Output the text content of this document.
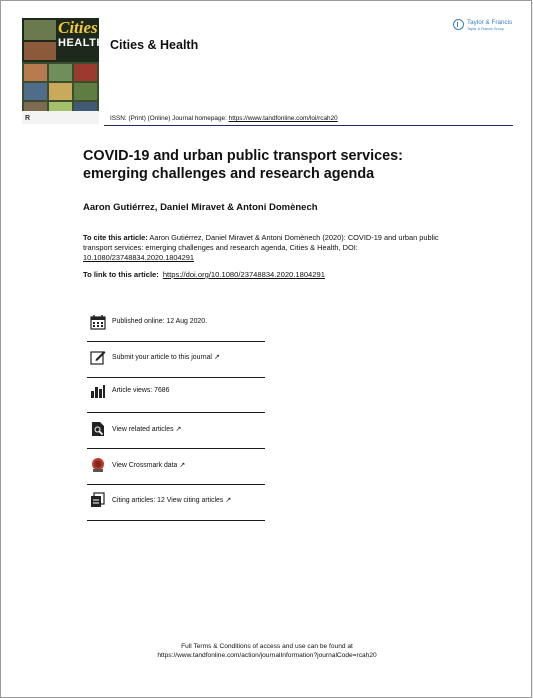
Cities
HEALTH
R
Cities & Health
ISSN: (Print) (Online) Journal homepage: https://www.tandfonline.com/loi/rcah20
Taylor & Francis
Taylor & Francis Group
COVID-19 and urban public transport services: emerging challenges and research agenda
Aaron Gutiérrez, Daniel Miravet & Antoni Domènech
To cite this article: Aaron Gutiérrez, Daniel Miravet & Antoni Domènech (2020): COVID-19 and urban public transport services: emerging challenges and research agenda, Cities & Health, DOI: 10.1080/23748834.2020.1804291
To link to this article: https://doi.org/10.1080/23748834.2020.1804291
Published online: 12 Aug 2020.
Submit your article to this journal ↗
Article views: 7686
View related articles ↗
View Crossmark data ↗
Citing articles: 12 View citing articles ↗
Full Terms & Conditions of access and use can be found at
https://www.tandfonline.com/action/journalInformation?journalCode=rcah20
